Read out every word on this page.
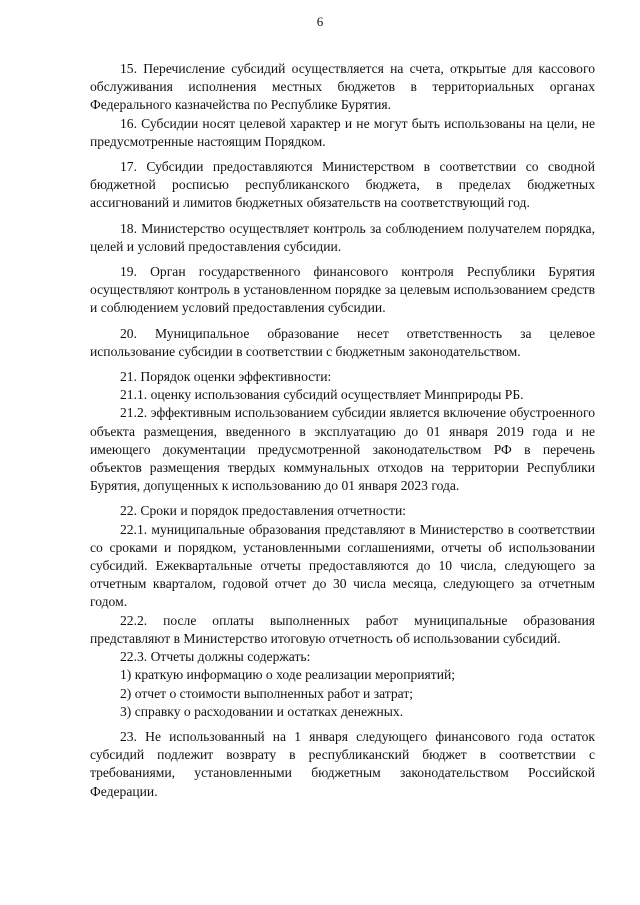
6

15. Перечисление субсидий осуществляется на счета, открытые для кассового обслуживания исполнения местных бюджетов в территориальных органах Федерального казначейства по Республике Бурятия.

16. Субсидии носят целевой характер и не могут быть использованы на цели, не предусмотренные настоящим Порядком.

17. Субсидии предоставляются Министерством в соответствии со сводной бюджетной росписью республиканского бюджета, в пределах бюджетных ассигнований и лимитов бюджетных обязательств на соответствующий год.

18. Министерство осуществляет контроль за соблюдением получателем порядка, целей и условий предоставления субсидии.

19. Орган государственного финансового контроля Республики Бурятия осуществляют контроль в установленном порядке за целевым использованием средств и соблюдением условий предоставления субсидии.

20. Муниципальное образование несет ответственность за целевое использование субсидии в соответствии с бюджетным законодательством.

21. Порядок оценки эффективности:

21.1. оценку использования субсидий осуществляет Минприроды РБ.

21.2. эффективным использованием субсидии является включение обустроенного объекта размещения, введенного в эксплуатацию до 01 января 2019 года и не имеющего документации предусмотренной законодательством РФ в перечень объектов размещения твердых коммунальных отходов на территории Республики Бурятия, допущенных к использованию до 01 января 2023 года.

22. Сроки и порядок предоставления отчетности:

22.1. муниципальные образования представляют в Министерство в соответствии со сроками и порядком, установленными соглашениями, отчеты об использовании субсидий. Ежеквартальные отчеты предоставляются до 10 числа, следующего за отчетным кварталом, годовой отчет до 30 числа месяца, следующего за отчетным годом.

22.2. после оплаты выполненных работ муниципальные образования представляют в Министерство итоговую отчетность об использовании субсидий.

22.3. Отчеты должны содержать:

1) краткую информацию о ходе реализации мероприятий;

2) отчет о стоимости выполненных работ и затрат;

3) справку о расходовании и остатках денежных.

23. Не использованный на 1 января следующего финансового года остаток субсидий подлежит возврату в республиканский бюджет в соответствии с требованиями, установленными бюджетным законодательством Российской Федерации.
